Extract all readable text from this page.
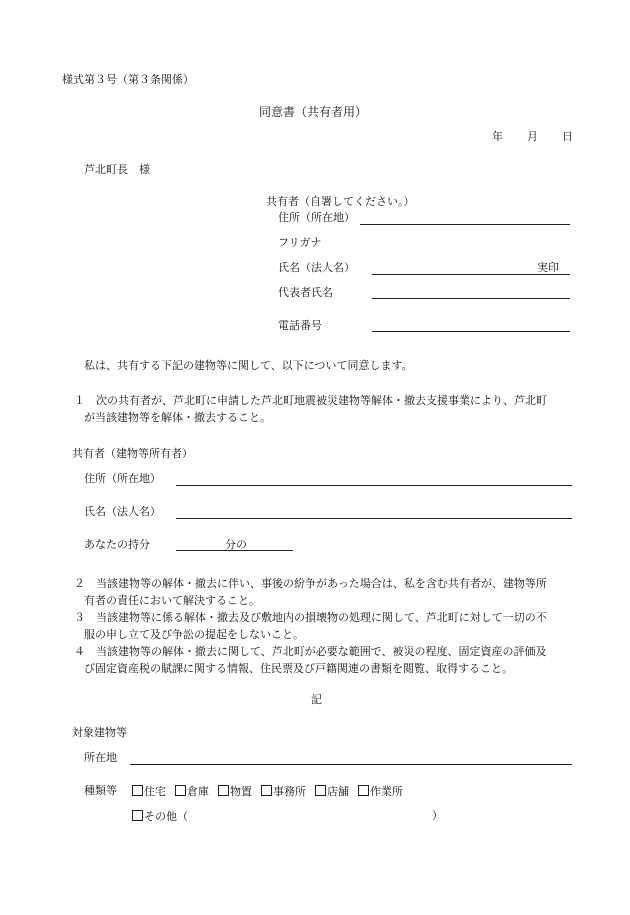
様式第３号（第３条関係）
同意書（共有者用）
年 月 日
芦北町長　様
共有者（自署してください。）
住所（所在地）
フリガナ
氏名（法人名）	実印
代表者氏名
電話番号
私は、共有する下記の建物等に関して、以下について同意します。
１　次の共有者が、芦北町に申請した芦北町地震被災建物等解体・撤去支援事業により、芦北町
が当該建物等を解体・撤去すること。
共有者（建物等所有者）
住所（所在地）
氏名（法人名）
あなたの持分	分の
２　当該建物等の解体・撤去に伴い、事後の紛争があった場合は、私を含む共有者が、建物等所
有者の責任において解決すること。
３　当該建物等に係る解体・撤去及び敷地内の損壊物の処理に関して、芦北町に対して一切の不
服の申し立て及び争訟の提起をしないこと。
４　当該建物等の解体・撤去に関して、芦北町が必要な範囲で、被災の程度、固定資産の評価及
び固定資産税の賦課に関する情報、住民票及び戸籍関連の書類を閲覧、取得すること。
記
対象建物等
所在地
種類等	住宅 倉庫 物置 事務所 店舗 作業所
その他（	）
